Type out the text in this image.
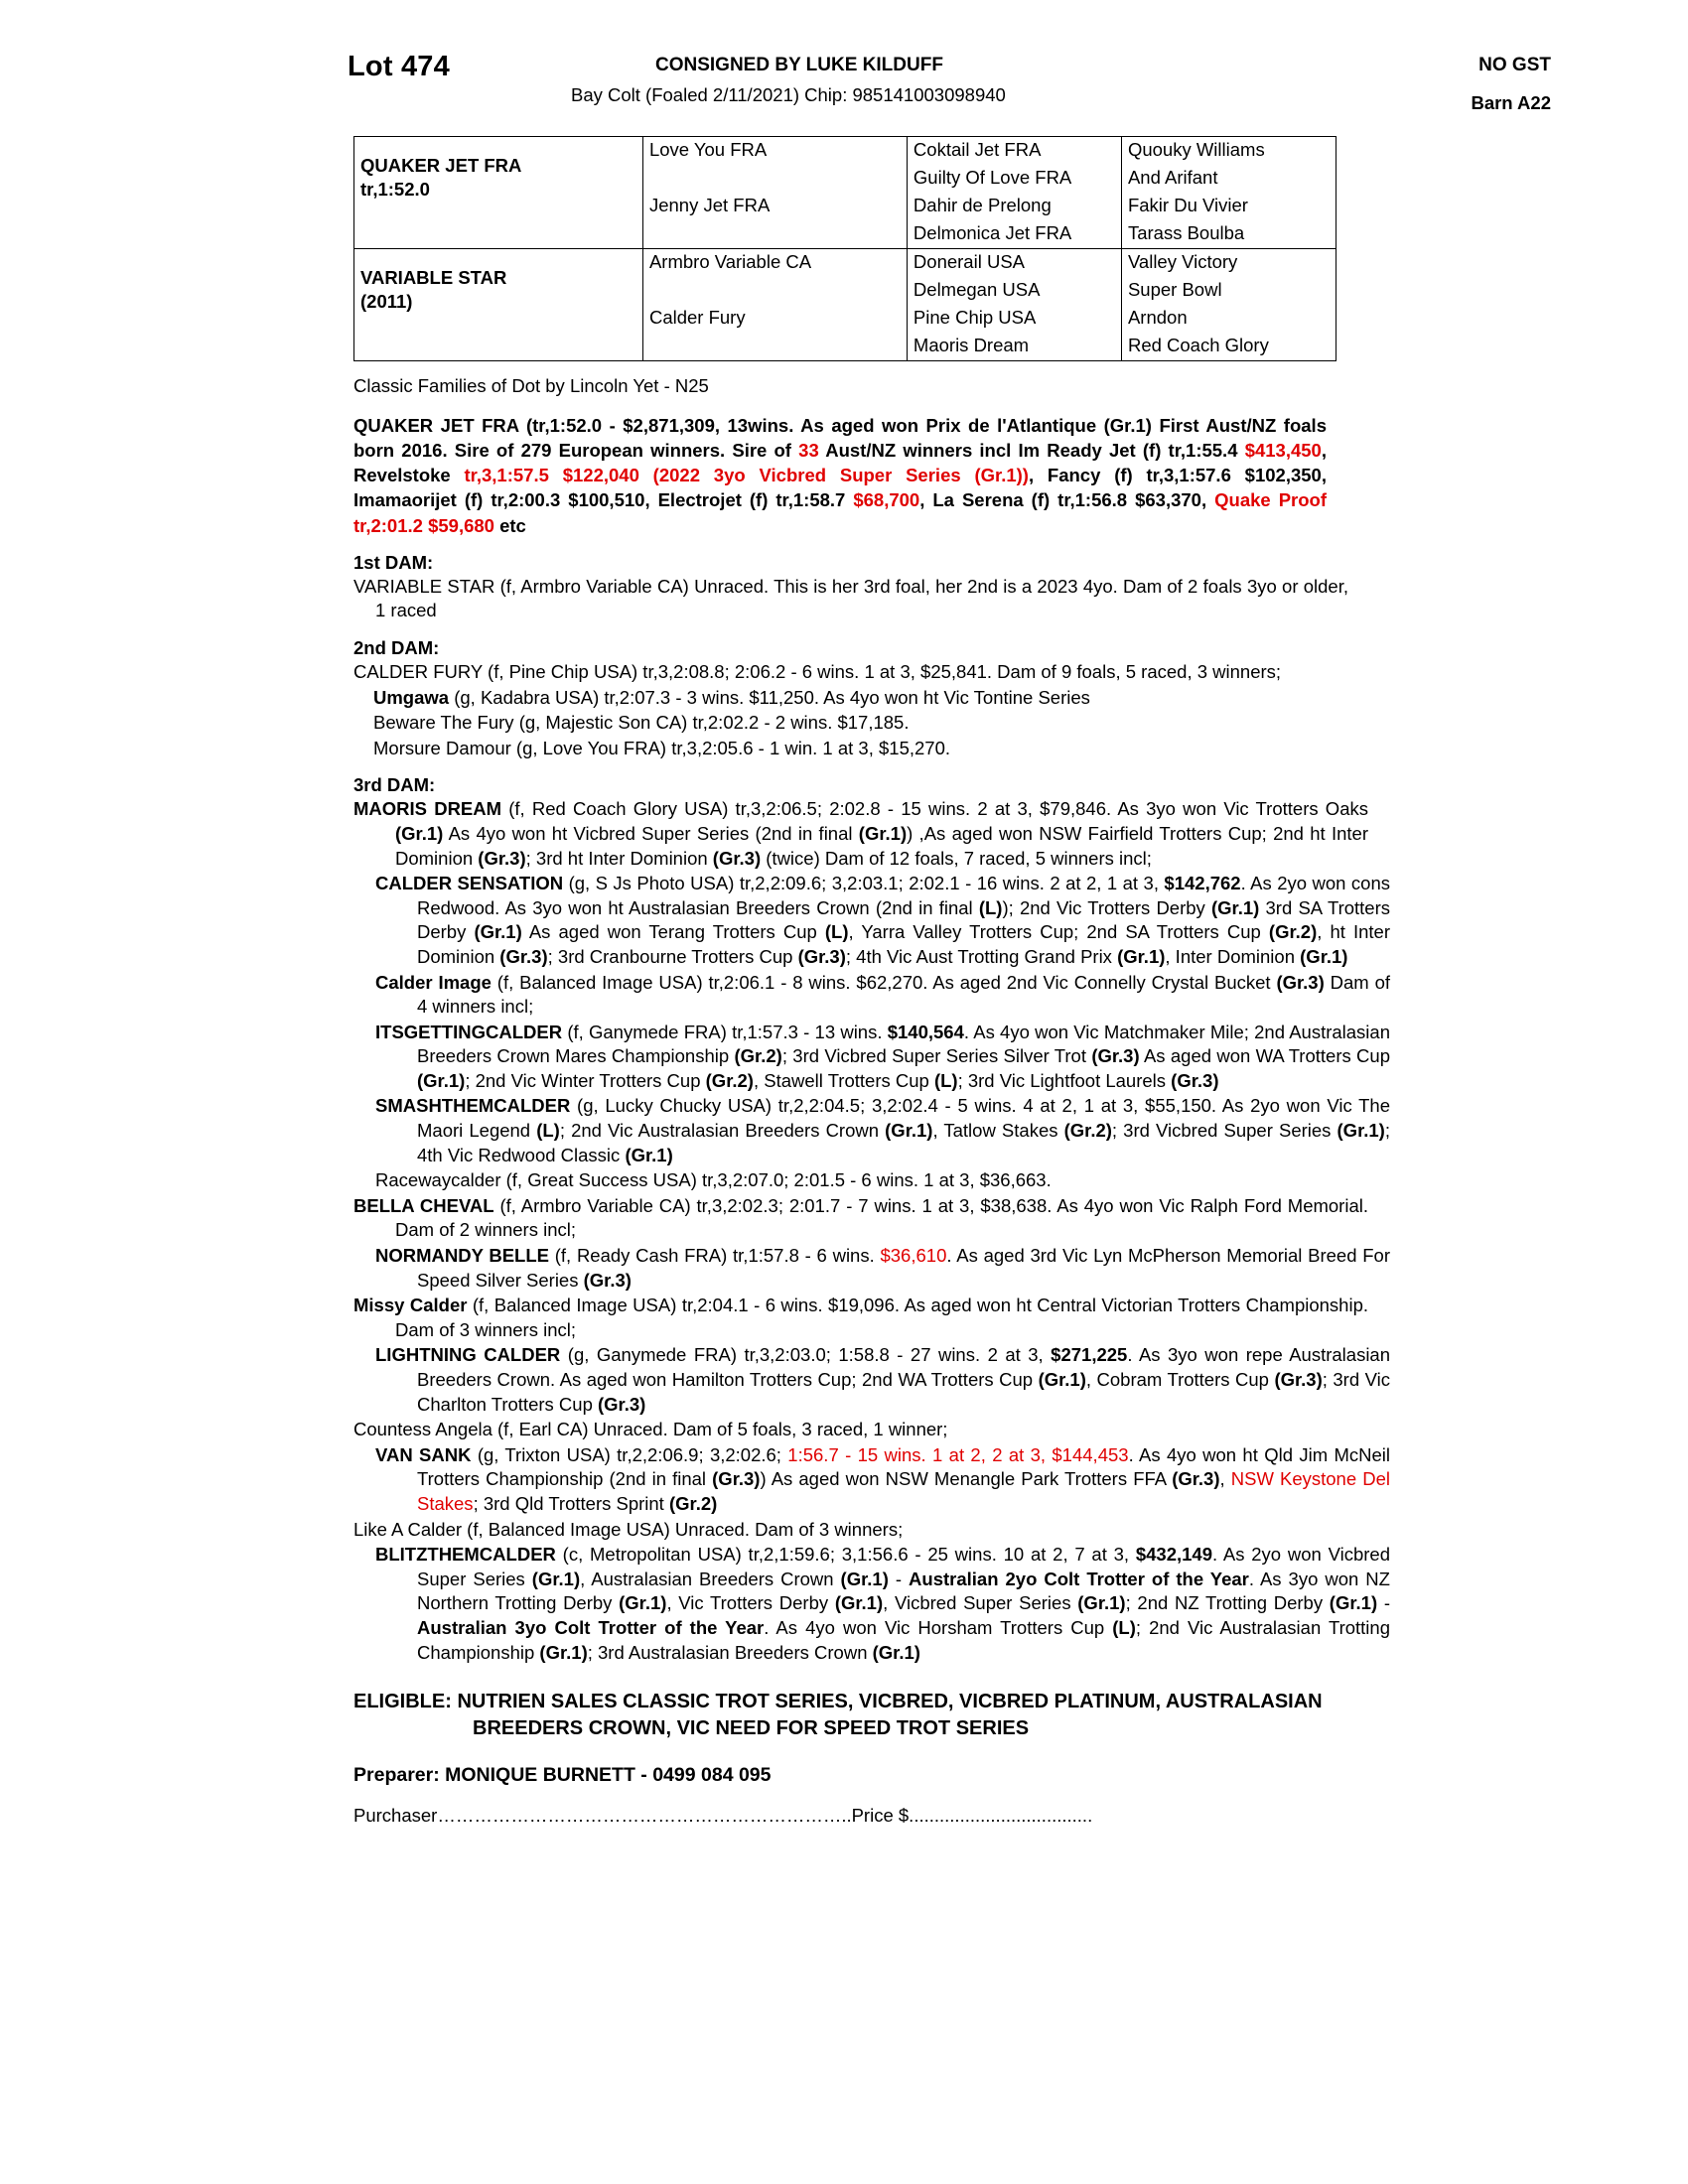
Lot 474	CONSIGNED BY LUKE KILDUFF	NO GST
Bay Colt (Foaled 2/11/2021) Chip: 985141003098940	Barn A22
QUAKER JET FRA
tr,1:52.0	Love You FRA	Coktail Jet FRA	Quouky Williams
		Guilty Of Love FRA	And Arifant
	Jenny Jet FRA	Dahir de Prelong	Fakir Du Vivier
		Delmonica Jet FRA	Tarass Boulba

VARIABLE STAR
(2011)	Armbro Variable CA	Donerail USA	Valley Victory
		Delmegan USA	Super Bowl
	Calder Fury	Pine Chip USA	Arndon
		Maoris Dream	Red Coach Glory
Classic Families of Dot by Lincoln Yet - N25
QUAKER JET FRA (tr,1:52.0 - $2,871,309, 13wins. As aged won Prix de l'Atlantique (Gr.1) First Aust/NZ foals born 2016. Sire of 279 European winners. Sire of 33 Aust/NZ winners incl Im Ready Jet (f) tr,1:55.4 $413,450, Revelstoke tr,3,1:57.5 $122,040 (2022 3yo Vicbred Super Series (Gr.1)), Fancy (f) tr,3,1:57.6 $102,350, Imamaorijet (f) tr,2:00.3 $100,510, Electrojet (f) tr,1:58.7 $68,700, La Serena (f) tr,1:56.8 $63,370, Quake Proof tr,2:01.2 $59,680 etc
1st DAM:

VARIABLE STAR (f, Armbro Variable CA) Unraced. This is her 3rd foal, her 2nd is a 2023 4yo. Dam of 2 foals 3yo or older, 1 raced

2nd DAM:

CALDER FURY (f, Pine Chip USA) tr,3,2:08.8; 2:06.2 - 6 wins. 1 at 3, $25,841. Dam of 9 foals, 5 raced, 3 winners;

Umgawa (g, Kadabra USA) tr,2:07.3 - 3 wins. $11,250. As 4yo won ht Vic Tontine Series

Beware The Fury (g, Majestic Son CA) tr,2:02.2 - 2 wins. $17,185.

Morsure Damour (g, Love You FRA) tr,3,2:05.6 - 1 win. 1 at 3, $15,270.

3rd DAM:

MAORIS DREAM (f, Red Coach Glory USA) tr,3,2:06.5; 2:02.8 - 15 wins. 2 at 3, $79,846. As 3yo won Vic Trotters Oaks (Gr.1) As 4yo won ht Vicbred Super Series (2nd in final (Gr.1)) ,As aged won NSW Fairfield Trotters Cup; 2nd ht Inter Dominion (Gr.3); 3rd ht Inter Dominion (Gr.3) (twice) Dam of 12 foals, 7 raced, 5 winners incl;

CALDER SENSATION (g, S Js Photo USA) tr,2,2:09.6; 3,2:03.1; 2:02.1 - 16 wins. 2 at 2, 1 at 3, $142,762. As 2yo won cons Redwood. As 3yo won ht Australasian Breeders Crown (2nd in final (L)); 2nd Vic Trotters Derby (Gr.1) 3rd SA Trotters Derby (Gr.1) As aged won Terang Trotters Cup (L), Yarra Valley Trotters Cup; 2nd SA Trotters Cup (Gr.2), ht Inter Dominion (Gr.3); 3rd Cranbourne Trotters Cup (Gr.3); 4th Vic Aust Trotting Grand Prix (Gr.1), Inter Dominion (Gr.1)

Calder Image (f, Balanced Image USA) tr,2:06.1 - 8 wins. $62,270. As aged 2nd Vic Connelly Crystal Bucket (Gr.3) Dam of 4 winners incl;

ITSGETTINGCALDER (f, Ganymede FRA) tr,1:57.3 - 13 wins. $140,564. As 4yo won Vic Matchmaker Mile; 2nd Australasian Breeders Crown Mares Championship (Gr.2); 3rd Vicbred Super Series Silver Trot (Gr.3) As aged won WA Trotters Cup (Gr.1); 2nd Vic Winter Trotters Cup (Gr.2), Stawell Trotters Cup (L); 3rd Vic Lightfoot Laurels (Gr.3)

SMASHTHEMCALDER (g, Lucky Chucky USA) tr,2,2:04.5; 3,2:02.4 - 5 wins. 4 at 2, 1 at 3, $55,150. As 2yo won Vic The Maori Legend (L); 2nd Vic Australasian Breeders Crown (Gr.1), Tatlow Stakes (Gr.2); 3rd Vicbred Super Series (Gr.1); 4th Vic Redwood Classic (Gr.1)

Racewaycalder (f, Great Success USA) tr,3,2:07.0; 2:01.5 - 6 wins. 1 at 3, $36,663.

BELLA CHEVAL (f, Armbro Variable CA) tr,3,2:02.3; 2:01.7 - 7 wins. 1 at 3, $38,638. As 4yo won Vic Ralph Ford Memorial. Dam of 2 winners incl;

NORMANDY BELLE (f, Ready Cash FRA) tr,1:57.8 - 6 wins. $36,610. As aged 3rd Vic Lyn McPherson Memorial Breed For Speed Silver Series (Gr.3)

Missy Calder (f, Balanced Image USA) tr,2:04.1 - 6 wins. $19,096. As aged won ht Central Victorian Trotters Championship. Dam of 3 winners incl;

LIGHTNING CALDER (g, Ganymede FRA) tr,3,2:03.0; 1:58.8 - 27 wins. 2 at 3, $271,225. As 3yo won repe Australasian Breeders Crown. As aged won Hamilton Trotters Cup; 2nd WA Trotters Cup (Gr.1), Cobram Trotters Cup (Gr.3); 3rd Vic Charlton Trotters Cup (Gr.3)

Countess Angela (f, Earl CA) Unraced. Dam of 5 foals, 3 raced, 1 winner;

VAN SANK (g, Trixton USA) tr,2,2:06.9; 3,2:02.6; 1:56.7 - 15 wins. 1 at 2, 2 at 3, $144,453. As 4yo won ht Qld Jim McNeil Trotters Championship (2nd in final (Gr.3)) As aged won NSW Menangle Park Trotters FFA (Gr.3), NSW Keystone Del Stakes; 3rd Qld Trotters Sprint (Gr.2)

Like A Calder (f, Balanced Image USA) Unraced. Dam of 3 winners;

BLITZTHEMCALDER (c, Metropolitan USA) tr,2,1:59.6; 3,1:56.6 - 25 wins. 10 at 2, 7 at 3, $432,149. As 2yo won Vicbred Super Series (Gr.1), Australasian Breeders Crown (Gr.1) - Australian 2yo Colt Trotter of the Year. As 3yo won NZ Northern Trotting Derby (Gr.1), Vic Trotters Derby (Gr.1), Vicbred Super Series (Gr.1); 2nd NZ Trotting Derby (Gr.1) - Australian 3yo Colt Trotter of the Year. As 4yo won Vic Horsham Trotters Cup (L); 2nd Vic Australasian Trotting Championship (Gr.1); 3rd Australasian Breeders Crown (Gr.1)

ELIGIBLE: NUTRIEN SALES CLASSIC TROT SERIES, VICBRED, VICBRED PLATINUM, AUSTRALASIAN BREEDERS CROWN, VIC NEED FOR SPEED TROT SERIES
Preparer: MONIQUE BURNETT - 0499 084 095
Purchaser…………………………………………………………..Price $....................................
